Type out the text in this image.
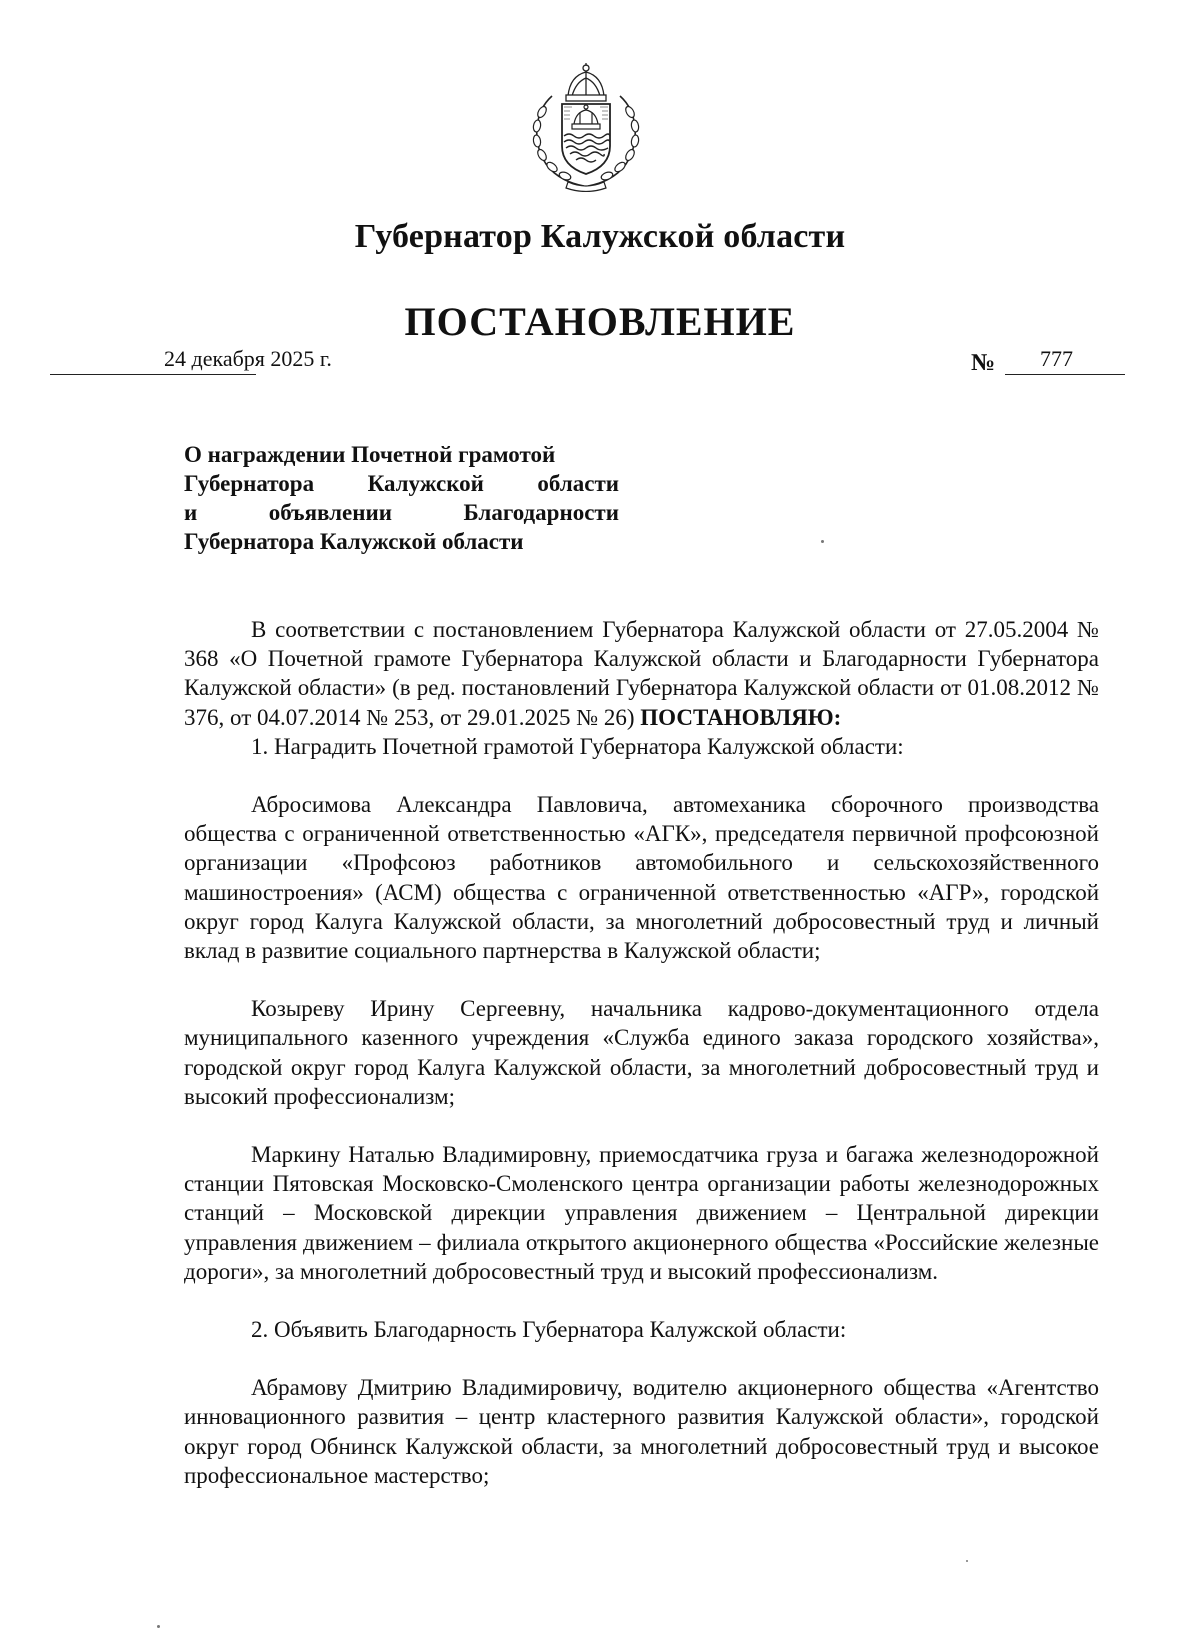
Губернатор Калужской области
ПОСТАНОВЛЕНИЕ
24 декабря 2025 г.	№ 777
О награждении Почетной грамотой
Губернатора Калужской области
и объявлении Благодарности
Губернатора Калужской области

В соответствии с постановлением Губернатора Калужской области от 27.05.2004 № 368 «О Почетной грамоте Губернатора Калужской области и Благодарности Губернатора Калужской области» (в ред. постановлений Губернатора Калужской области от 01.08.2012 № 376, от 04.07.2014 № 253, от 29.01.2025 № 26) ПОСТАНОВЛЯЮ:

1. Наградить Почетной грамотой Губернатора Калужской области:

Абросимова Александра Павловича, автомеханика сборочного производства общества с ограниченной ответственностью «АГК», председателя первичной профсоюзной организации «Профсоюз работников автомобильного и сельскохозяйственного машиностроения» (АСМ) общества с ограниченной ответственностью «АГР», городской округ город Калуга Калужской области, за многолетний добросовестный труд и личный вклад в развитие социального партнерства в Калужской области;

Козыреву Ирину Сергеевну, начальника кадрово-документационного отдела муниципального казенного учреждения «Служба единого заказа городского хозяйства», городской округ город Калуга Калужской области, за многолетний добросовестный труд и высокий профессионализм;

Маркину Наталью Владимировну, приемосдатчика груза и багажа железнодорожной станции Пятовская Московско-Смоленского центра организации работы железнодорожных станций – Московской дирекции управления движением – Центральной дирекции управления движением – филиала открытого акционерного общества «Российские железные дороги», за многолетний добросовестный труд и высокий профессионализм.

2. Объявить Благодарность Губернатора Калужской области:

Абрамову Дмитрию Владимировичу, водителю акционерного общества «Агентство инновационного развития – центр кластерного развития Калужской области», городской округ город Обнинск Калужской области, за многолетний добросовестный труд и высокое профессиональное мастерство;
